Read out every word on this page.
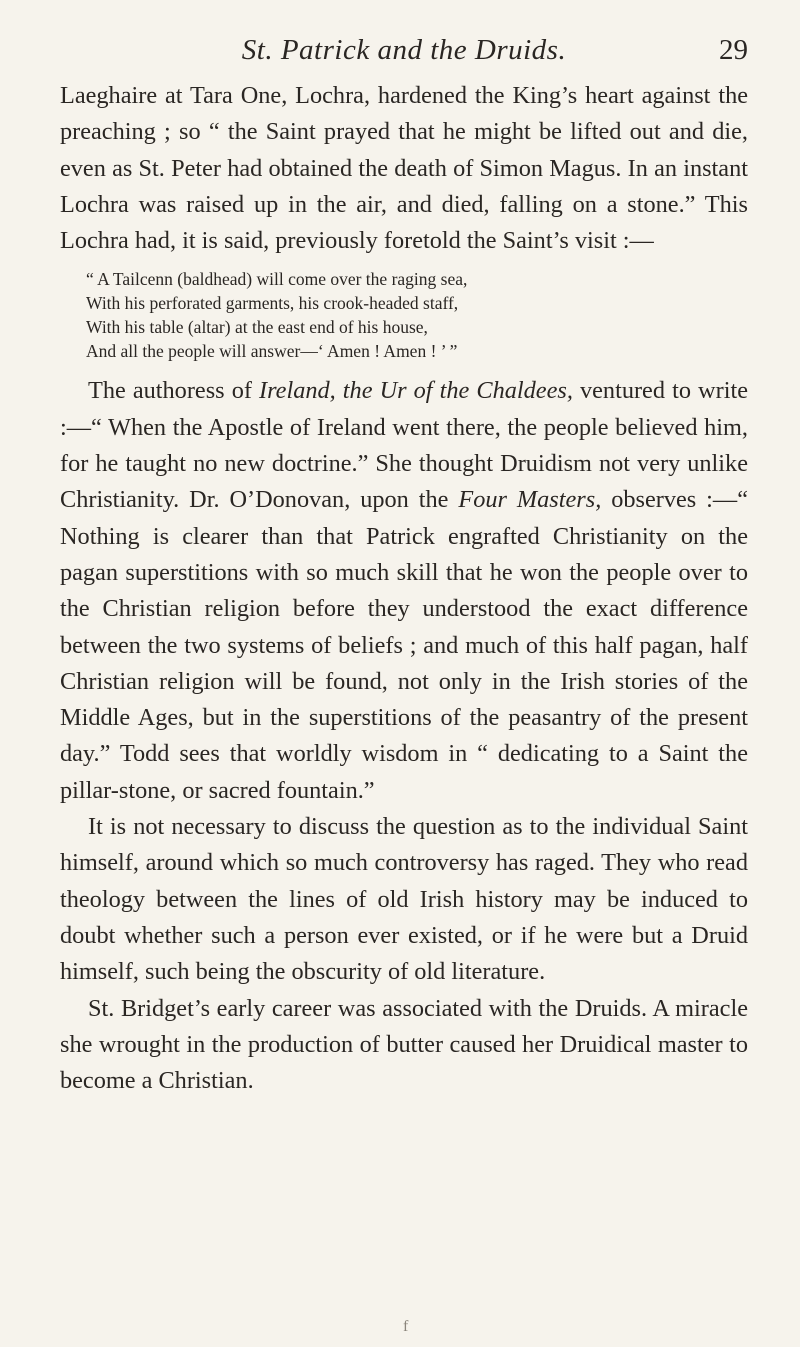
St. Patrick and the Druids.	29

Laeghaire at Tara One, Lochra, hardened the King’s heart against the preaching ; so “ the Saint prayed that he might be lifted out and die, even as St. Peter had obtained the death of Simon Magus. In an instant Lochra was raised up in the air, and died, falling on a stone.” This Lochra had, it is said, previously foretold the Saint’s visit :—

“ A Tailcenn (baldhead) will come over the raging sea,
With his perforated garments, his crook-headed staff,
With his table (altar) at the east end of his house,
And all the people will answer—‘ Amen ! Amen ! ’ ”

The authoress of Ireland, the Ur of the Chaldees, ventured to write :—“ When the Apostle of Ireland went there, the people believed him, for he taught no new doctrine.” She thought Druidism not very unlike Christianity. Dr. O’Donovan, upon the Four Masters, observes :—“ Nothing is clearer than that Patrick engrafted Christianity on the pagan superstitions with so much skill that he won the people over to the Christian religion before they understood the exact difference between the two systems of beliefs ; and much of this half pagan, half Christian religion will be found, not only in the Irish stories of the Middle Ages, but in the superstitions of the peasantry of the present day.” Todd sees that worldly wisdom in “ dedicating to a Saint the pillar-stone, or sacred fountain.”

It is not necessary to discuss the question as to the individual Saint himself, around which so much controversy has raged. They who read theology between the lines of old Irish history may be induced to doubt whether such a person ever existed, or if he were but a Druid himself, such being the obscurity of old literature.

St. Bridget’s early career was associated with the Druids. A miracle she wrought in the production of butter caused her Druidical master to become a Christian.

f
